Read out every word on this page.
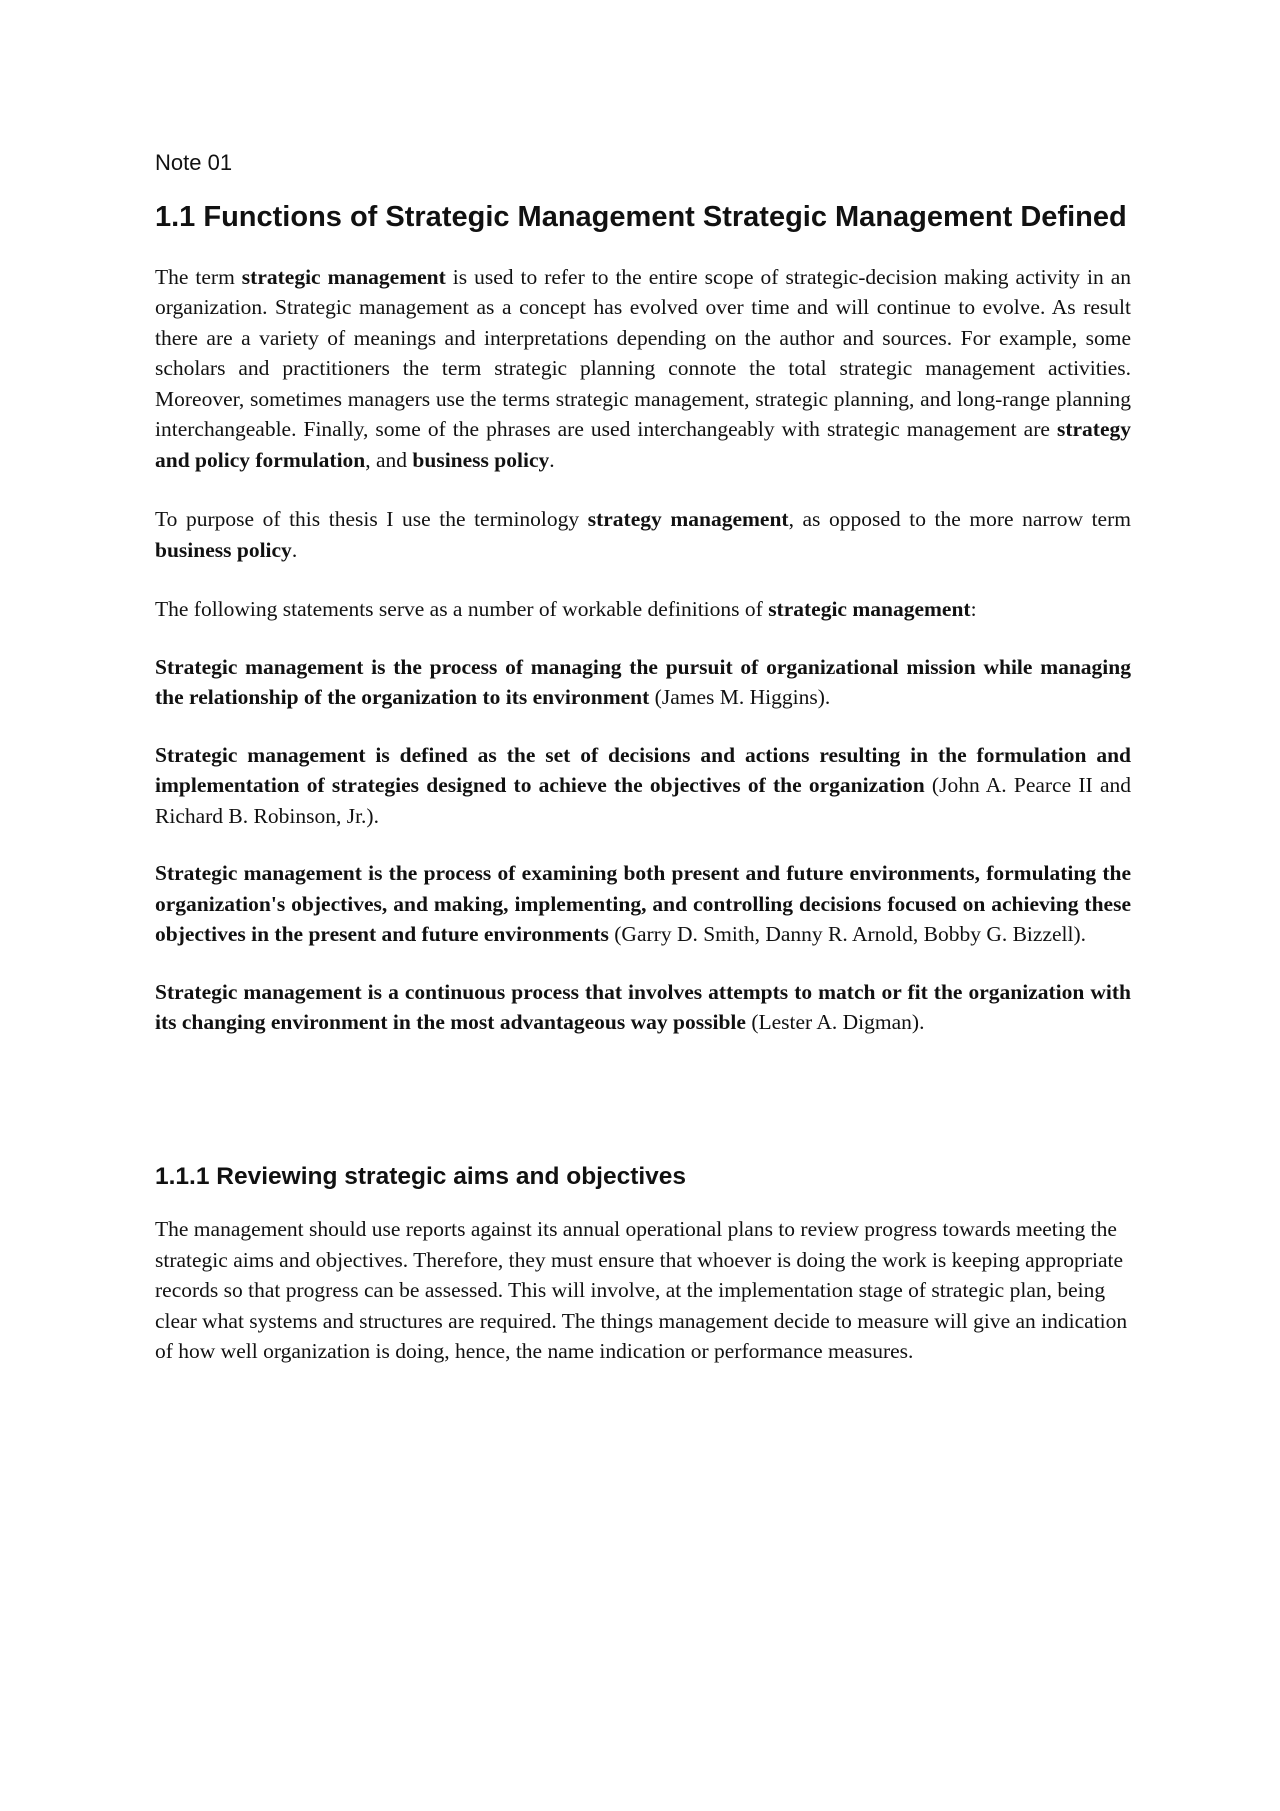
Note 01
1.1 Functions of Strategic Management Strategic Management Defined

The term strategic management is used to refer to the entire scope of strategic-decision making activity in an organization. Strategic management as a concept has evolved over time and will continue to evolve. As result there are a variety of meanings and interpretations depending on the author and sources. For example, some scholars and practitioners the term strategic planning connote the total strategic management activities. Moreover, sometimes managers use the terms strategic management, strategic planning, and long-range planning interchangeable. Finally, some of the phrases are used interchangeably with strategic management are strategy and policy formulation, and business policy.

To purpose of this thesis I use the terminology strategy management, as opposed to the more narrow term business policy.

The following statements serve as a number of workable definitions of strategic management:

Strategic management is the process of managing the pursuit of organizational mission while managing the relationship of the organization to its environment (James M. Higgins).

Strategic management is defined as the set of decisions and actions resulting in the formulation and implementation of strategies designed to achieve the objectives of the organization (John A. Pearce II and Richard B. Robinson, Jr.).

Strategic management is the process of examining both present and future environments, formulating the organization's objectives, and making, implementing, and controlling decisions focused on achieving these objectives in the present and future environments (Garry D. Smith, Danny R. Arnold, Bobby G. Bizzell).

Strategic management is a continuous process that involves attempts to match or fit the organization with its changing environment in the most advantageous way possible (Lester A. Digman).

1.1.1 Reviewing strategic aims and objectives

The management should use reports against its annual operational plans to review progress towards meeting the strategic aims and objectives. Therefore, they must ensure that whoever is doing the work is keeping appropriate records so that progress can be assessed. This will involve, at the implementation stage of strategic plan, being clear what systems and structures are required. The things management decide to measure will give an indication of how well organization is doing, hence, the name indication or performance measures.
